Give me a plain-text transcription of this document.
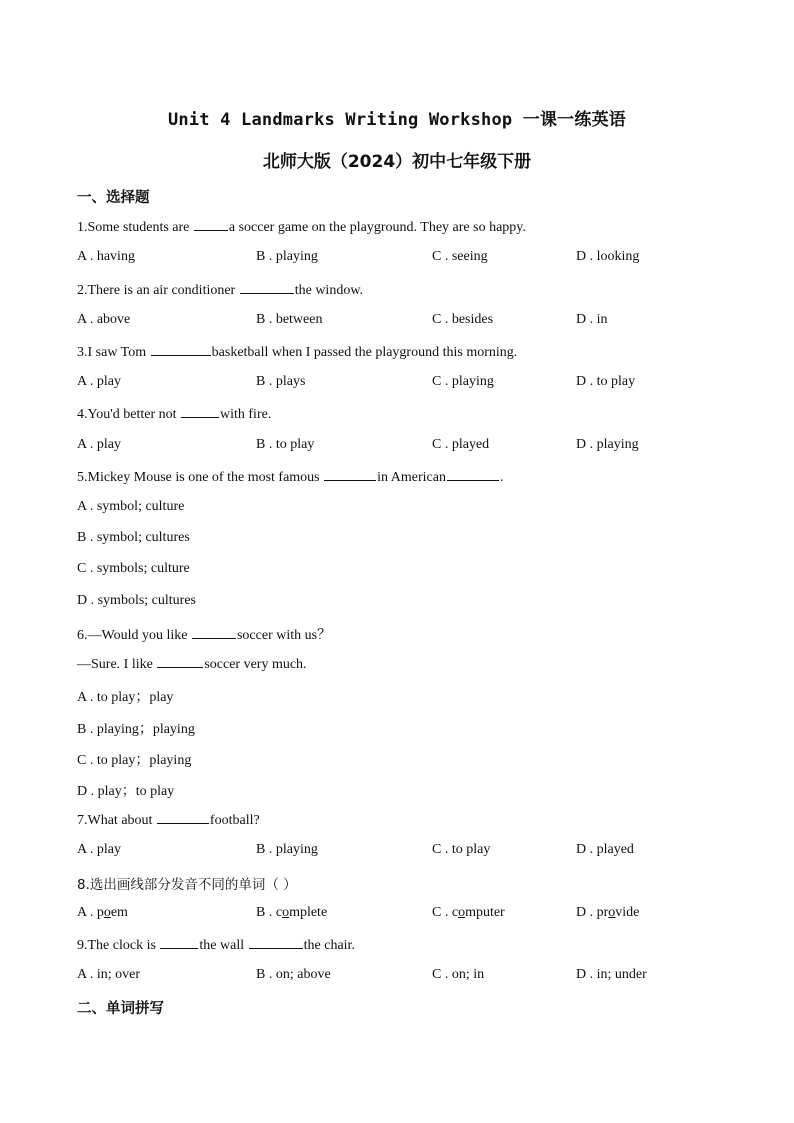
Unit 4 Landmarks Writing Workshop 一课一练英语
北师大版（2024）初中七年级下册
一、选择题
1.Some students are	a soccer game on the playground. They are so happy.
A . having	B . playing	C . seeing	D . looking
2.There is an air conditioner	the window.
A . above	B . between	C . besides	D . in
3.I saw Tom	basketball when I passed the playground this morning.
A . play	B . plays	C . playing	D . to play
4.You'd better not	with fire.
A . play	B . to play	C . played	D . playing
5.Mickey Mouse is one of the most famous	in American	.
A . symbol; culture
B . symbol; cultures
C . symbols; culture
D . symbols; cultures
6.—Would you like	soccer with us？
—Sure. I like	soccer very much.
A . to play；play
B . playing；playing
C . to play；playing
D . play；to play
7.What about	football?
A . play	B . playing	C . to play	D . played
8.选出画线部分发音不同的单词（ ）
A . poem	B . complete	C . computer	D . provide
9.The clock is	the wall	the chair.
A . in; over	B . on; above	C . on; in	D . in; under
二、单词拼写
